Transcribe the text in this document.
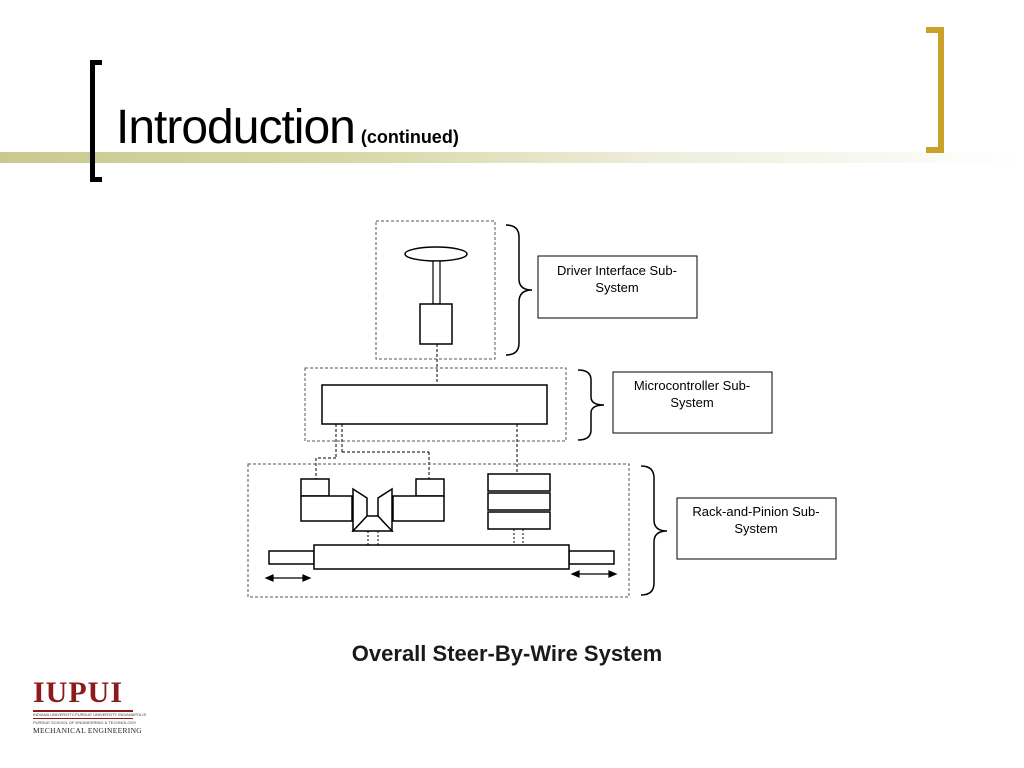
Introduction (continued)
Driver Interface Sub-
System
Microcontroller Sub-
System
Rack-and-Pinion Sub-
System
Overall Steer-By-Wire System
IUPUI
INDIANA UNIVERSITY-PURDUE UNIVERSITY INDIANAPOLIS
PURDUE SCHOOL OF ENGINEERING & TECHNOLOGY
MECHANICAL ENGINEERING
